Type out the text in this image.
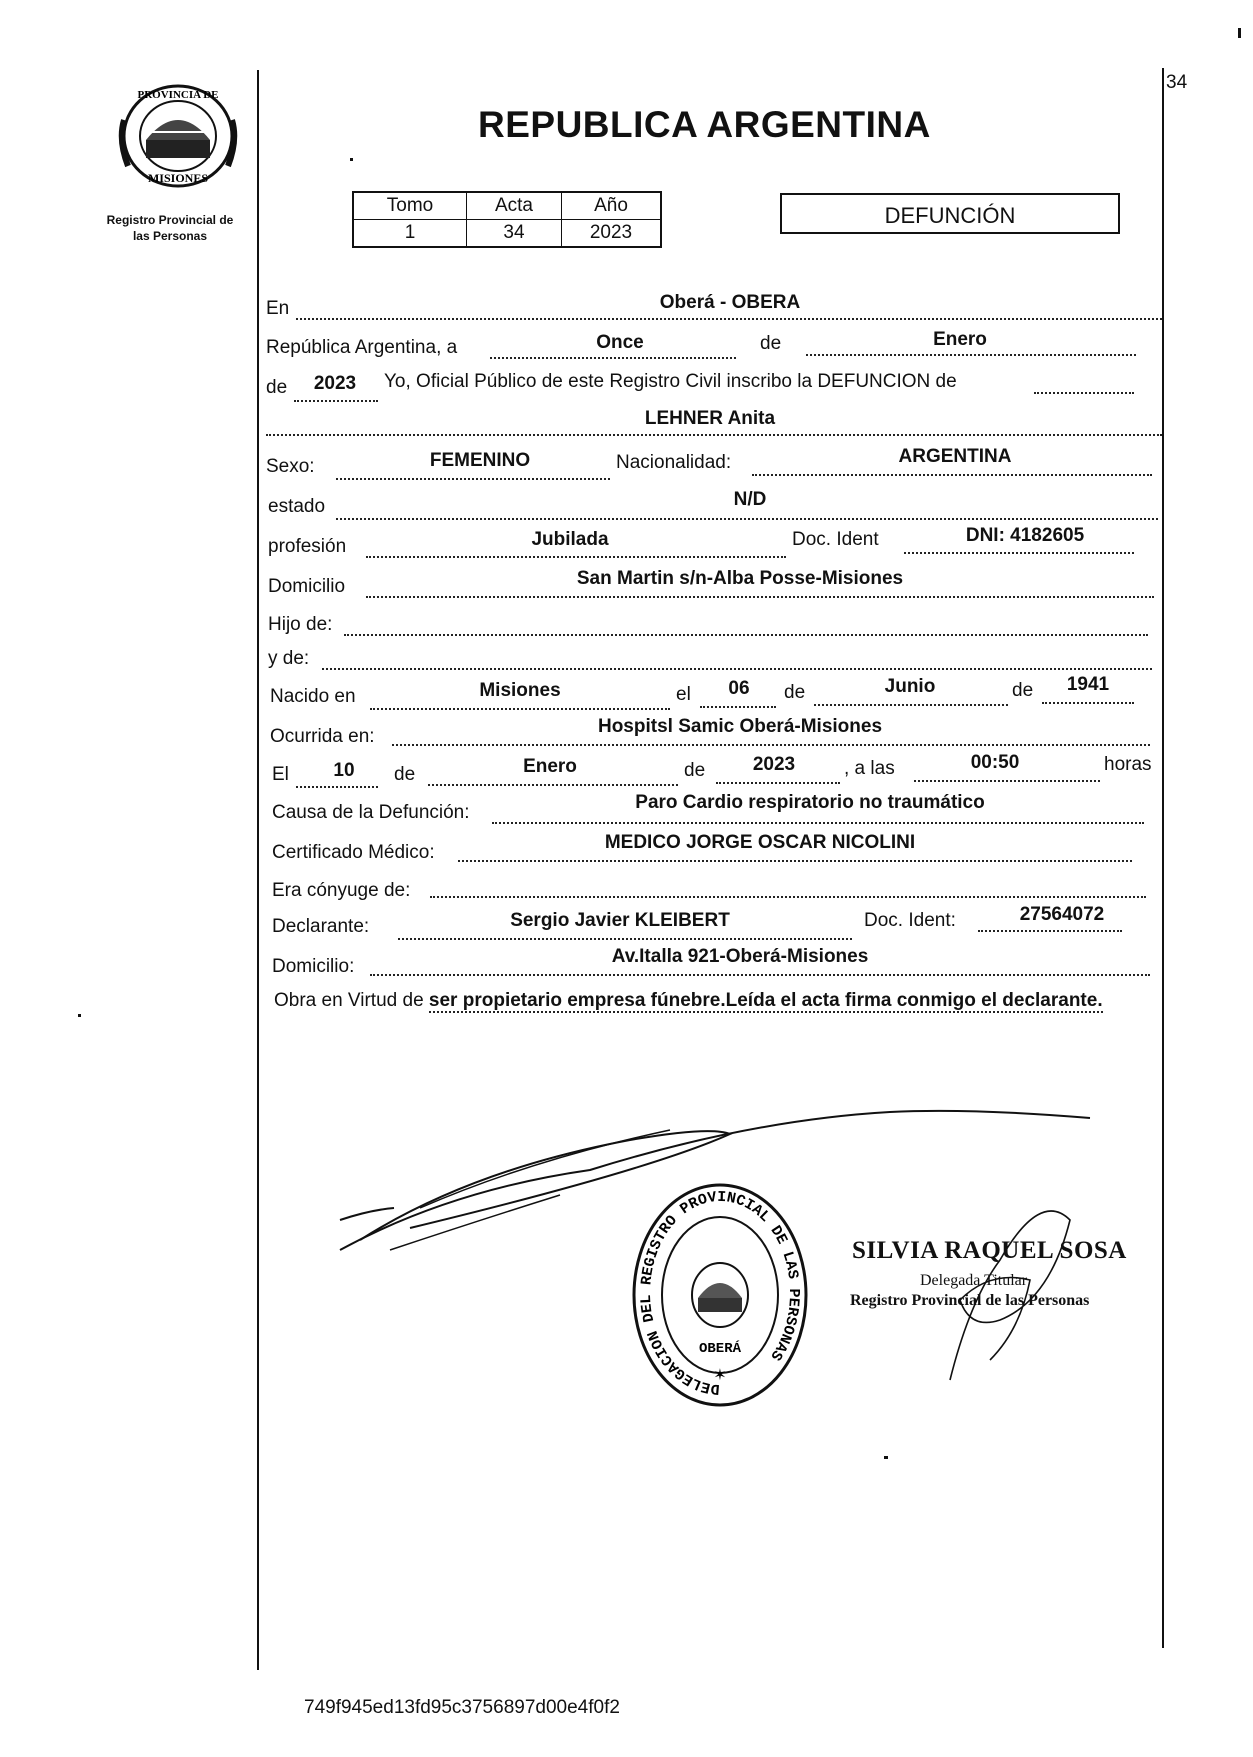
34
REPUBLICA ARGENTINA
PROVINCIA DE
MISIONES
Registro Provincial de
las Personas
Tomo	Acta	Año
1	34	2023
DEFUNCIÓN
En	Oberá - OBERA
República Argentina, a	Once	de	Enero
de	2023	Yo, Oficial Público de este Registro Civil inscribo la DEFUNCION de
LEHNER Anita
Sexo:	FEMENINO	Nacionalidad:	ARGENTINA
estado	N/D
profesión	Jubilada	Doc. Ident	DNI: 4182605
Domicilio	San Martin s/n-Alba Posse-Misiones
Hijo de:
y de:
Nacido en	Misiones	el	06	de	Junio	de	1941
Ocurrida en:	Hospitsl Samic Oberá-Misiones
El	10	de	Enero	de	2023	, a las	00:50	horas
Causa de la Defunción:	Paro Cardio respiratorio no traumático
Certificado Médico:	MEDICO JORGE OSCAR NICOLINI
Era cónyuge de:
Declarante:	Sergio Javier KLEIBERT	Doc. Ident:	27564072
Domicilio:	Av.Italla 921-Oberá-Misiones
Obra en Virtud de ser propietario empresa fúnebre.Leída el acta firma conmigo el declarante.
DELEGACION DEL REGISTRO PROVINCIAL DE LAS PERSONAS
OBERÁ
✶
SILVIA RAQUEL SOSA
Delegada Titular
Registro Provincial de las Personas
749f945ed13fd95c3756897d00e4f0f2
